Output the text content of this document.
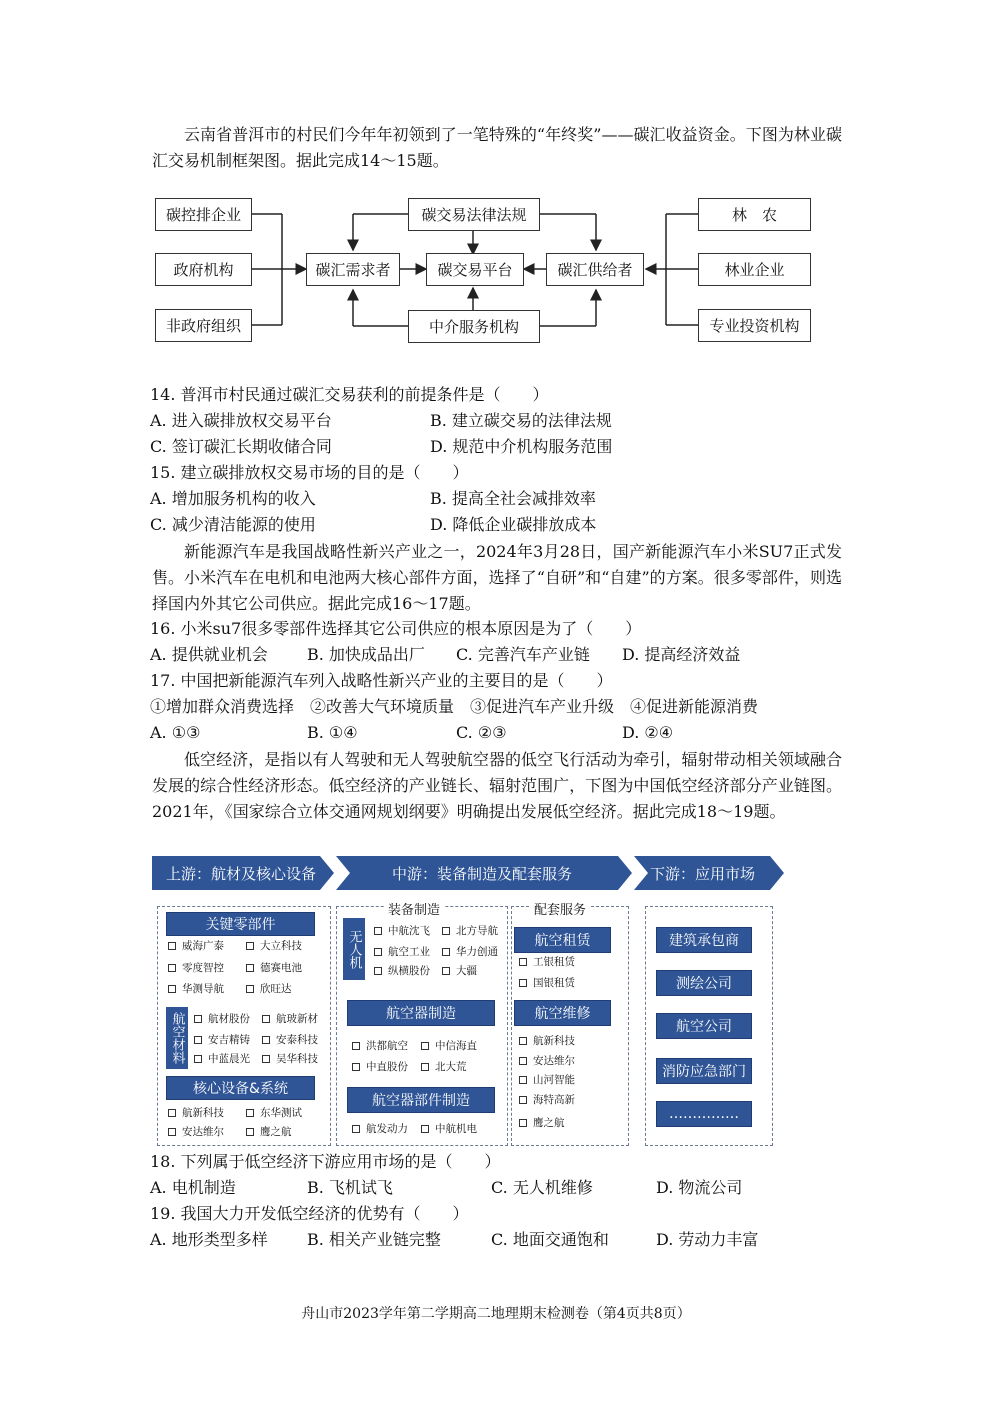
云南省普洱市的村民们今年年初领到了一笔特殊的“年终奖”——碳汇收益资金。下图为林业碳汇交易机制框架图。据此完成14～15题。

碳控排企业
政府机构
非政府组织
碳交易法律法规
碳汇需求者	碳交易平台	碳汇供给者
中介服务机构
林　农
林业企业
专业投资机构
14. 普洱市村民通过碳汇交易获利的前提条件是（　　）
A. 进入碳排放权交易平台	B. 建立碳交易的法律法规
C. 签订碳汇长期收储合同	D. 规范中介机构服务范围
15. 建立碳排放权交易市场的目的是（　　）
A. 增加服务机构的收入	B. 提高全社会减排效率
C. 减少清洁能源的使用	D. 降低企业碳排放成本

新能源汽车是我国战略性新兴产业之一，2024年3月28日，国产新能源汽车小米SU7正式发售。小米汽车在电机和电池两大核心部件方面，选择了“自研”和“自建”的方案。很多零部件，则选择国内外其它公司供应。据此完成16～17题。

16. 小米su7很多零部件选择其它公司供应的根本原因是为了（　　）
A. 提供就业机会 B. 加快成品出厂 C. 完善汽车产业链 D. 提高经济效益
17. 中国把新能源汽车列入战略性新兴产业的主要目的是（　　）
①增加群众消费选择　②改善大气环境质量　③促进汽车产业升级　④促进新能源消费
A. ①③	B. ①④	C. ②③	D. ②④

低空经济，是指以有人驾驶和无人驾驶航空器的低空飞行活动为牵引，辐射带动相关领域融合发展的综合性经济形态。低空经济的产业链长、辐射范围广，下图为中国低空经济部分产业链图。2021年，《国家综合立体交通网规划纲要》明确提出发展低空经济。据此完成18～19题。

上游：航材及核心设备	中游：装备制造及配套服务	下游：应用市场
关键零部件
威海广泰	大立科技
零度智控	德赛电池
华测导航	欣旺达
航空材料	航材股份 航玻新材
安吉精铸 安泰科技
中蓝晨光 吴华科技
核心设备&系统
航新科技	东华测试
安达维尔	鹰之航
装备制造
无人机	中航沈飞 北方导航
航空工业 华力创通
纵横股份 大疆
航空器制造
洪都航空	中信海直
中直股份	北大荒
航空器部件制造
航发动力	中航机电
配套服务
航空租赁
工银租赁
国银租赁
航空维修
航新科技
安达维尔
山河智能
海特高新
鹰之航
建筑承包商
测绘公司
航空公司
消防应急部门
……………
18. 下列属于低空经济下游应用市场的是（　　）
A. 电机制造	B. 飞机试飞	C. 无人机维修	D. 物流公司
19. 我国大力开发低空经济的优势有（　　）
A. 地形类型多样 B. 相关产业链完整	C. 地面交通饱和	D. 劳动力丰富
舟山市2023学年第二学期高二地理期末检测卷（第4页共8页）
